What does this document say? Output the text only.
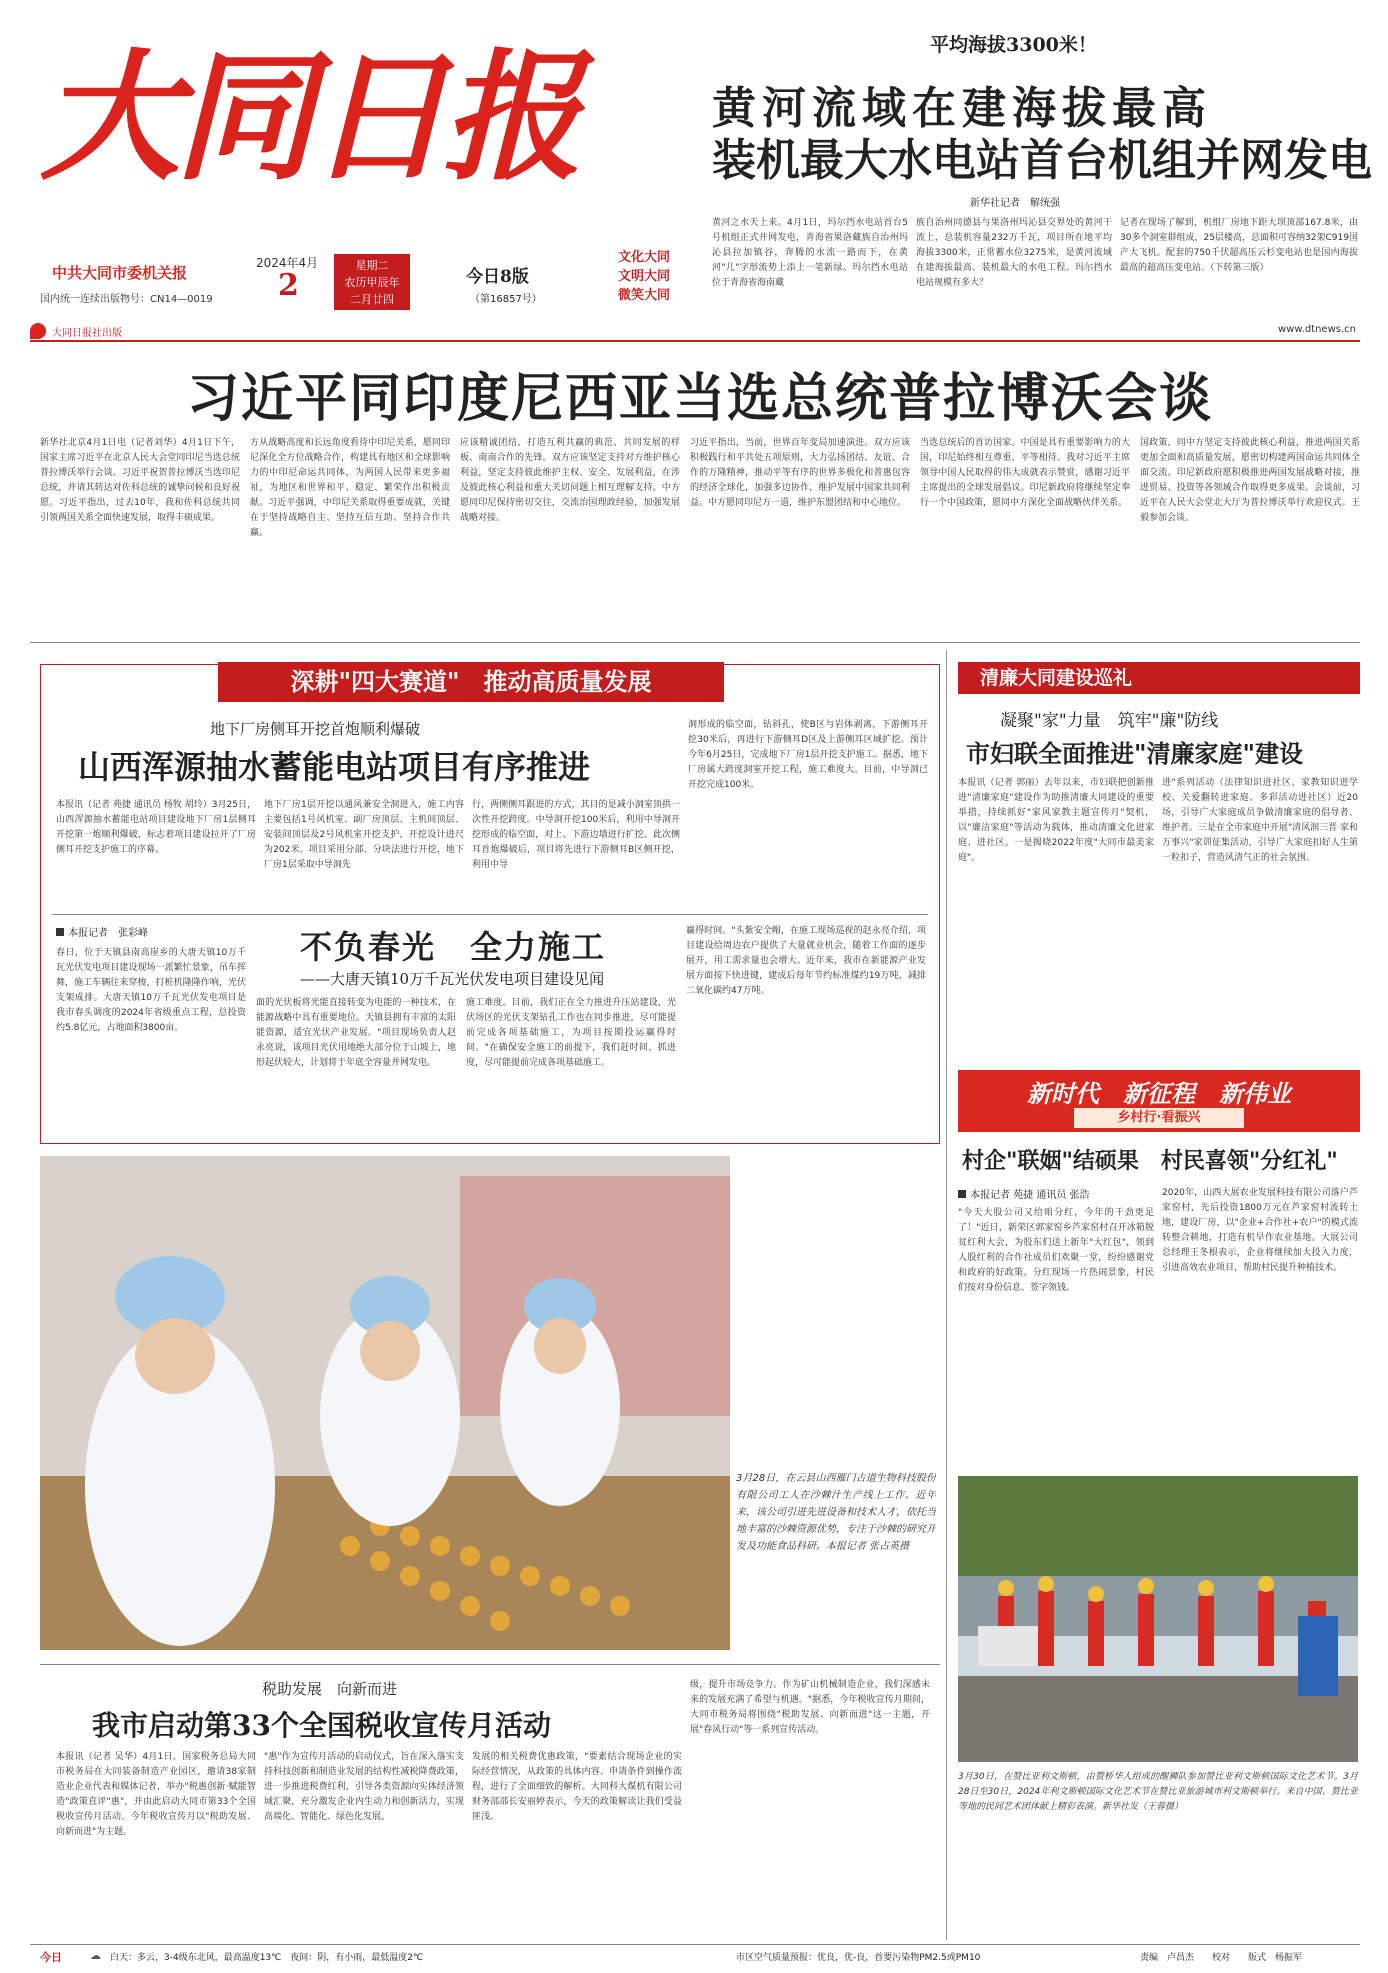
大同日报
中共大同市委机关报
国内统一连续出版物号：CN14—0019
2024年4月
2
星期二
农历甲辰年
二月廿四
今日8版
（第16857号）
文化大同
文明大同
微笑大同
大同日报社出版	www.dtnews.cn
平均海拔3300米！
黄河流域在建海拔最高
装机最大水电站首台机组并网发电
新华社记者　解统强
黄河之水天上来。4月1日，玛尔挡水电站首台5号机组正式并网发电，青海省果洛藏族自治州玛沁县拉加镇谷，奔腾的水流一路而下，在黄河"几"字形流势上添上一笔新绿。玛尔挡水电站位于青海省海南藏
族自治州同德县与果洛州玛沁县交界处的黄河干流上，总装机容量232万千瓦，项目所在地平均海拔3300米，正常蓄水位3275米，是黄河流域在建海拔最高、装机最大的水电工程。玛尔挡水电站规模有多大？
记者在现场了解到，机组厂房地下距大坝顶部167.8米，由30多个洞室群组成，25层楼高，总面积可容纳32架C919国产大飞机。配套的750千伏超高压云杉变电站也是国内海拔最高的超高压变电站。（下转第三版）
习近平同印度尼西亚当选总统普拉博沃会谈
新华社北京4月1日电（记者刘华）4月1日下午，国家主席习近平在北京人民大会堂同印尼当选总统普拉博沃举行会谈。习近平祝贺普拉博沃当选印尼总统，并请其转达对佐科总统的诚挚问候和良好祝愿。习近平指出，过去10年，我和佐科总统共同引领两国关系全面快速发展，取得丰硕成果。
方从战略高度和长远角度看待中印尼关系，愿同印尼深化全方位战略合作，构建具有地区和全球影响力的中印尼命运共同体，为两国人民带来更多福祉，为地区和世界和平、稳定、繁荣作出积极贡献。习近平强调，中印尼关系取得重要成就，关键在于坚持战略自主、坚持互信互助、坚持合作共赢。
应该精诚团结，打造互利共赢的典范、共同发展的样板、南南合作的先锋。双方应该坚定支持对方维护核心利益，坚定支持彼此维护主权、安全、发展利益，在涉及彼此核心利益和重大关切问题上相互理解支持。中方愿同印尼保持密切交往，交流治国理政经验，加强发展战略对接。
习近平指出，当前，世界百年变局加速演进。双方应该积极践行和平共处五项原则，大力弘扬团结、友谊、合作的万隆精神，推动平等有序的世界多极化和普惠包容的经济全球化，加强多边协作，维护发展中国家共同利益。中方愿同印尼方一道，维护东盟团结和中心地位。
当选总统后的首访国家。中国是具有重要影响力的大国，印尼始终相互尊重、平等相待。我对习近平主席领导中国人民取得的伟大成就表示赞赏，感谢习近平主席提出的全球发展倡议。印尼新政府将继续坚定奉行一个中国政策，愿同中方深化全面战略伙伴关系。
国政策，同中方坚定支持彼此核心利益，推进两国关系更加全面和高质量发展，愿密切构建两国命运共同体全面交流。印尼新政府愿积极推进两国发展战略对接，推进贸易、投资等各领域合作取得更多成果。会谈前，习近平在人民大会堂北大厅为普拉博沃举行欢迎仪式。王毅参加会谈。
深耕"四大赛道"　推动高质量发展
地下厂房侧耳开挖首炮顺利爆破
山西浑源抽水蓄能电站项目有序推进
本报讯（记者 苑捷 通讯员 杨牧 胡玲）3月25日，山西浑源抽水蓄能电站项目建设地下厂房1层侧耳开挖第一炮顺利爆破，标志着项目建设拉开了厂房侧耳开挖支护施工的序幕。
地下厂房1层开挖以通风兼安全洞进入，施工内容主要包括1号风机室、副厂房顶层、主机间顶层、安装间顶层及2号风机室开挖支护，开挖设计进尺为202米。项目采用分部、分块法进行开挖，地下厂房1层采取中导洞先
行，两侧侧耳跟进的方式，其目的是减小洞室顶拱一次性开挖跨度。中导洞开挖100米后，利用中导洞开挖形成的临空面，对上、下游边墙进行扩挖。此次侧耳首炮爆破后，项目将先进行下游侧耳B区侧开挖，利用中导
洞形成的临空面，钻斜孔，使B区与岩体剥离，下游侧耳开挖30米后，再进行下游侧耳D区及上游侧耳区域扩挖。预计今年6月25日，完成地下厂房1层开挖支护施工。据悉，地下厂房属大跨度洞室开挖工程，施工难度大。目前，中导洞已开挖完成100米。
本报记者　张彩峰
春日，位于天镇县南高崖乡的大唐天镇10万千瓦光伏发电项目建设现场一派繁忙景象，吊车挥舞，施工车辆往来穿梭，打桩机隆隆作响，光伏支架成排。大唐天镇10万千瓦光伏发电项目是我市春头调度的2024年省级重点工程，总投资约5.8亿元，占地面积3800亩。
不负春光　全力施工
——大唐天镇10万千瓦光伏发电项目建设见闻
面的光伏板将光能直接转变为电能的一种技术，在能源战略中具有重要地位。天镇县拥有丰富的太阳能资源，适宜光伏产业发展。"项目现场负责人赵永亮说，该项目光伏用地绝大部分位于山坡上，地形起伏较大，计划将于年底全容量并网发电。
施工难度。目前，我们正在全力推进升压站建设，光伏场区的光伏支架钻孔工作也在同步推进，尽可能提前完成各项基础施工，为项目按期投运赢得时间。"在确保安全施工的前提下，我们赶时间、抓进度，尽可能提前完成各项基础施工。
赢得时间。"头紫安全帽，在施工现场巡视的赵永亮介绍，项目建设给周边农户提供了大量就业机会，随着工作面的逐步展开，用工需求量也会增大。近年来，我市在新能源产业发展方面按下快进键，建成后每年节约标准煤约19万吨，减排二氧化碳约47万吨。
3月28日，在云县山西雁门古道生物科技股份有限公司工人在沙棘汁生产线上工作。近年来，该公司引进先进设备和技术人才，依托当地丰富的沙棘资源优势，专注于沙棘的研究开发及功能食品科研。本报记者 张占英摄
税助发展　向新而进
我市启动第33个全国税收宣传月活动
本报讯（记者 吴华）4月1日，国家税务总局大同市税务局在大同装备制造产业园区，邀请38家制造业企业代表和媒体记者，举办"税惠创新·赋能智造"政策直评"惠"，并由此启动大同市第33个全国税收宣传月活动。今年税收宣传月以"税助发展、向新而进"为主题。
"惠"作为宣传月活动的启动仪式，旨在深入落实支持科技创新和制造业发展的结构性减税降费政策，进一步推进税费红利，引导各类资源向实体经济领域汇聚，充分激发企业内生动力和创新活力，实现高端化、智能化、绿色化发展。
发展的相关税费优惠政策，"要素结合现场企业的实际经营情况，从政策的具体内容、申请条件到操作流程，进行了全面细致的解析。大同科大煤机有限公司财务部部长安丽婷表示，今天的政策解读让我们受益匪浅。
级，提升市场竞争力。作为矿山机械制造企业，我们深感未来的发展充满了希望与机遇。"据悉，今年税收宣传月期间，大同市税务局将围绕"税助发展、向新而进"这一主题，开展"春风行动"等一系列宣传活动。
清廉大同建设巡礼
凝聚"家"力量　筑牢"廉"防线
市妇联全面推进"清廉家庭"建设
本报讯（记者 郭丽）去年以来，市妇联把创新推进"清廉家庭"建设作为助推清廉大同建设的重要举措，持续抓好"家风家教主题宣传月"契机，以"廉洁家庭"等活动为载体，推动清廉文化进家庭、进社区。一是揭晓2022年度"大同市最美家庭"。
进"系列活动（法律知识进社区、家教知识进学校、关爱翻转进家庭、多彩活动进社区）近20场，引导广大家庭成员争做清廉家庭的倡导者、维护者。三是在全市家庭中开展"清风润三晋 家和万事兴"家训征集活动，引导广大家庭扣好人生第一粒扣子，营造风清气正的社会氛围。
新时代　新征程　新伟业
乡村行·看振兴
村企"联姻"结硕果　村民喜领"分红礼"
本报记者 苑捷 通讯员 张浩
"今天大股公司又给咱分红，今年的干劲更足了！"近日，新荣区郭家窑乡芦家窑村召开冰箱脱贫红利大会，为股东们送上新年"大红包"，领到人股红利的合作社成员们欢聚一堂，纷纷感谢党和政府的好政策。分红现场一片热闹景象，村民们按对身份信息、签字领钱。
2020年，山西大展农业发展科技有限公司落户芦家窑村，先后投资1800万元在芦家窑村流转土地，建设厂房，以"企业+合作社+农户"的模式流转整合耕地，打造有机早作农业基地。大展公司总经理王冬根表示，企业将继续加大投入力度，引进高效农业项目，帮助村民提升种植技术。
3月30日，在赞比亚利文斯顿，由赞桥华人组成的醒狮队参加赞比亚利文斯顿国际文化艺术节。3月28日至30日，2024年利文斯顿国际文化艺术节在赞比亚旅游城市利文斯顿举行。来自中国、赞比亚等地的民间艺术团体献上精彩表演。新华社发（王蓉摄）
今日	☁ 白天：多云，3-4级东北风，最高温度13℃　夜间：阴，有小雨，最低温度2℃	市区空气质量预报：优良，优-良，首要污染物PM2.5或PM10	责编　卢昌杰　　校对　　版式　杨振军
